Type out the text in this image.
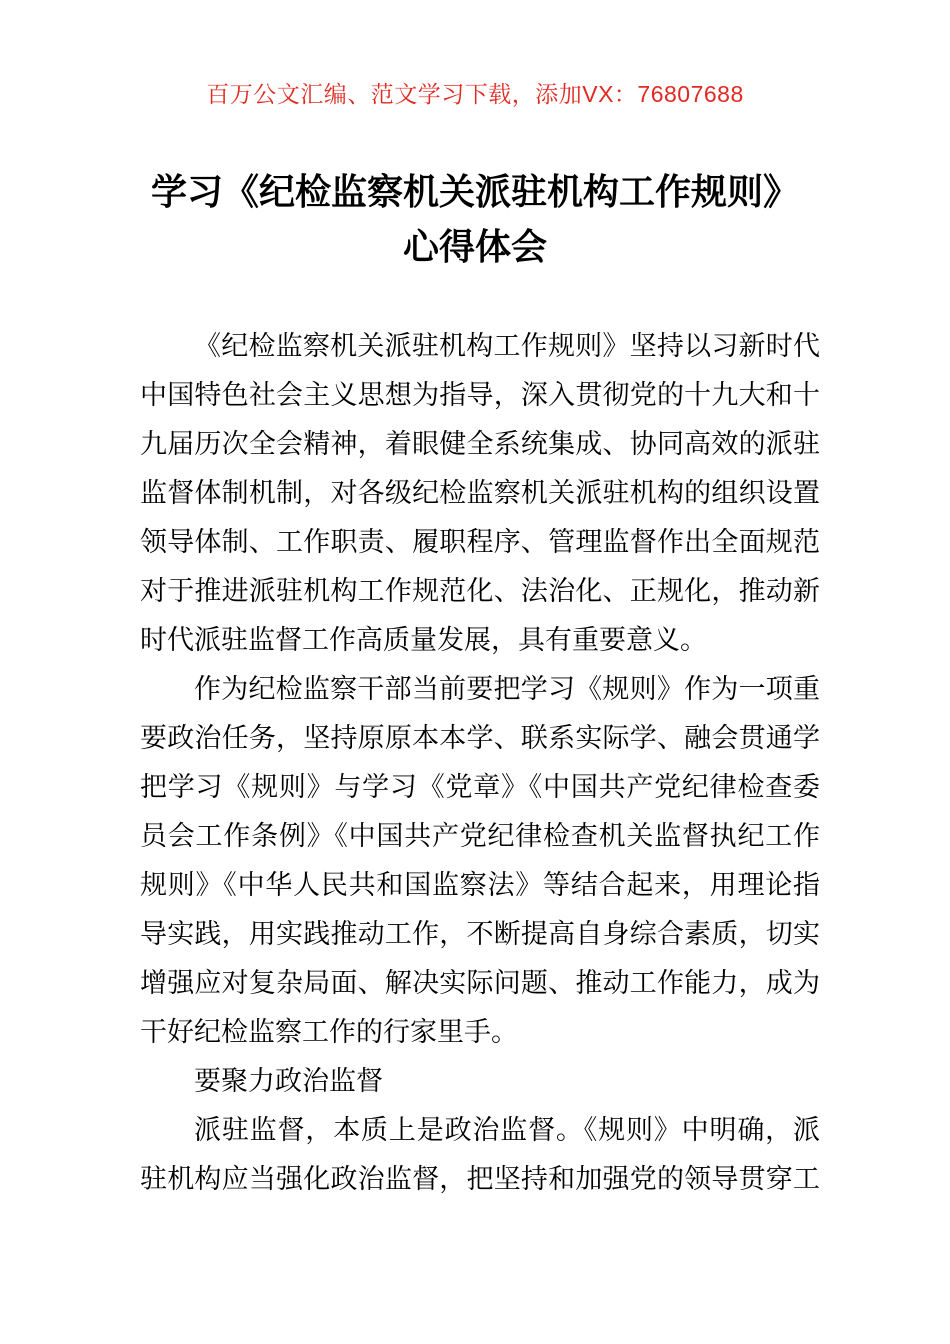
百万公文汇编、范文学习下载，添加VX：76807688
学习《纪检监察机关派驻机构工作规则》
心得体会
《纪检监察机关派驻机构工作规则》坚持以习新时代
中国特色社会主义思想为指导，深入贯彻党的十九大和十
九届历次全会精神，着眼健全系统集成、协同高效的派驻
监督体制机制，对各级纪检监察机关派驻机构的组织设置
领导体制、工作职责、履职程序、管理监督作出全面规范
对于推进派驻机构工作规范化、法治化、正规化，推动新
时代派驻监督工作高质量发展，具有重要意义。
作为纪检监察干部当前要把学习《规则》作为一项重
要政治任务，坚持原原本本学、联系实际学、融会贯通学
把学习《规则》与学习《党章》《中国共产党纪律检查委
员会工作条例》《中国共产党纪律检查机关监督执纪工作
规则》《中华人民共和国监察法》等结合起来，用理论指
导实践，用实践推动工作，不断提高自身综合素质，切实
增强应对复杂局面、解决实际问题、推动工作能力，成为
干好纪检监察工作的行家里手。
要聚力政治监督
派驻监督，本质上是政治监督。《规则》中明确，派
驻机构应当强化政治监督，把坚持和加强党的领导贯穿工
